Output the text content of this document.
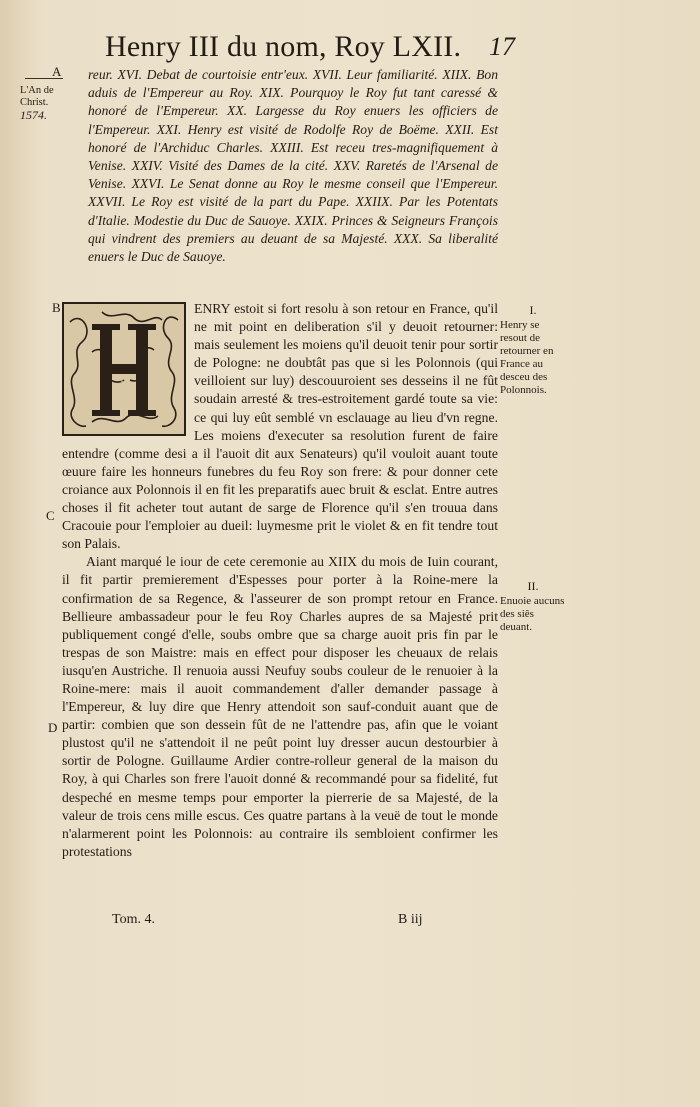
Henry III du nom, Roy LXII. 17
A
B
C
D
L'An de
Christ.
1574.
reur. XVI. Debat de courtoisie entr'eux. XVII. Leur familiarité. XIIX. Bon aduis de l'Empereur au Roy. XIX. Pourquoy le Roy fut tant caressé & honoré de l'Empereur. XX. Largesse du Roy enuers les officiers de l'Empereur. XXI. Henry est visité de Rodolfe Roy de Boëme. XXII. Est honoré de l'Archiduc Charles. XXIII. Est receu tres-magnifiquement à Venise. XXIV. Visité des Dames de la cité. XXV. Raretés de l'Arsenal de Venise. XXVI. Le Senat donne au Roy le mesme conseil que l'Empereur. XXVII. Le Roy est visité de la part du Pape. XXIIX. Par les Potentats d'Italie. Modestie du Duc de Sauoye. XXIX. Princes & Seigneurs François qui vindrent des premiers au deuant de sa Majesté. XXX. Sa liberalité enuers le Duc de Sauoye.
H

ENRY estoit si fort resolu à son retour en France, qu'il ne mit point en deliberation s'il y deuoit retourner: mais seulement les moiens qu'il deuoit tenir pour sortir de Pologne: ne doubtât pas que si les Polonnois (qui veilloient sur luy) descouuroient ses desseins il ne fût soudain arresté & tres-estroitement gardé toute sa vie: ce qui luy eût semblé vn esclauage au lieu d'vn regne. Les moiens d'executer sa resolution furent de faire entendre (comme desi a il l'auoit dit aux Senateurs) qu'il vouloit auant toute œuure faire les honneurs funebres du feu Roy son frere: & pour donner cete croiance aux Polonnois il en fit les preparatifs auec bruit & esclat. Entre autres choses il fit acheter tout autant de sarge de Florence qu'il s'en trouua dans Cracouie pour l'emploier au dueil: luymesme prit le violet & en fit tendre tout son Palais.

Aiant marqué le iour de cete ceremonie au XIIX du mois de Iuin courant, il fit partir premierement d'Espesses pour porter à la Roine-mere la confirmation de sa Regence, & l'asseurer de son prompt retour en France. Bellieure ambassadeur pour le feu Roy Charles aupres de sa Majesté prit publiquement congé d'elle, soubs ombre que sa charge auoit pris fin par le trespas de son Maistre: mais en effect pour disposer les cheuaux de relais iusqu'en Austriche. Il renuoia aussi Neufuy soubs couleur de le renuoier à la Roine-mere: mais il auoit commandement d'aller demander passage à l'Empereur, & luy dire que Henry attendoit son sauf-conduit auant que de partir: combien que son dessein fût de ne l'attendre pas, afin que le voiant plustost qu'il ne s'attendoit il ne peût point luy dresser aucun destourbier à sortir de Pologne. Guillaume Ardier contre-rolleur general de la maison du Roy, à qui Charles son frere l'auoit donné & recommandé pour sa fidelité, fut despeché en mesme temps pour emporter la pierrerie de sa Majesté, de la valeur de trois cens mille escus. Ces quatre partans à la veuë de tout le monde n'alarmerent point les Polonnois: au contraire ils sembloient confirmer les protestations

I.
Henry se resout de retourner en France au desceu des Polonnois.
II.
Enuoie aucuns des siês deuant.
Tom. 4.	B iij
